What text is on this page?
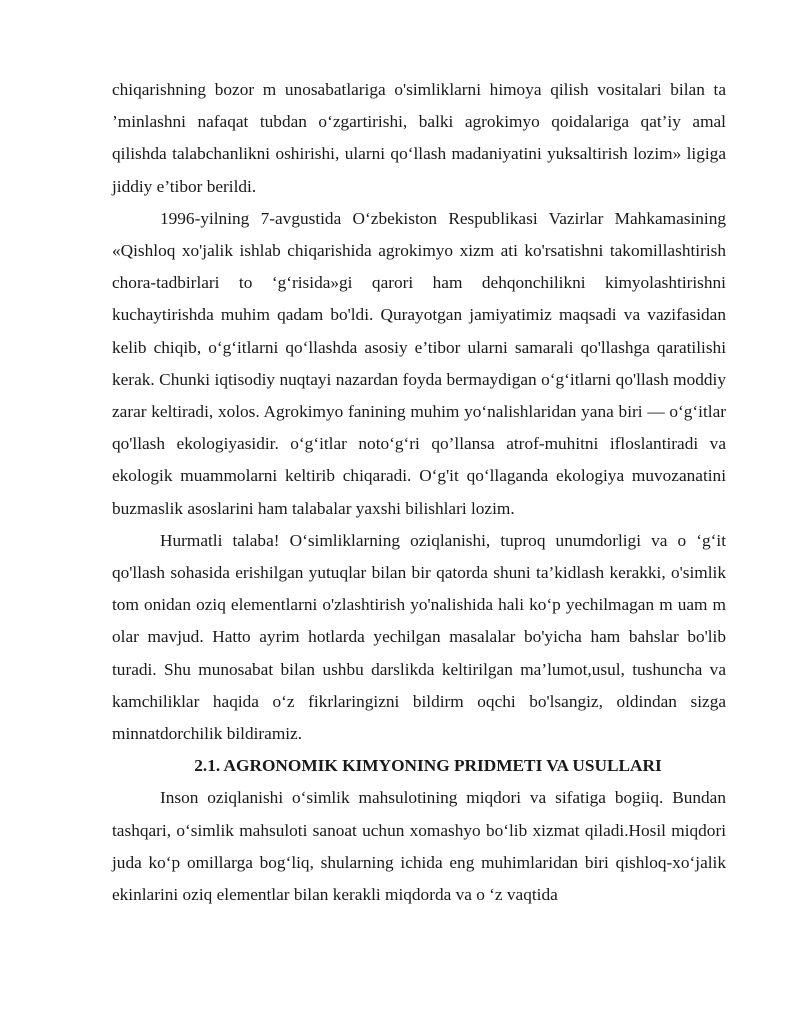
chiqarishning bozor m unosabatlariga o'simliklarni himoya qilish vositalari bilan ta ’minlashni nafaqat tubdan o‘zgartirishi, balki agrokimyo qoidalariga qat’iy amal qilishda talabchanlikni oshirishi, ularni qo‘llash madaniyatini yuksaltirish lozim» ligiga jiddiy e’tibor berildi.

1996-yilning 7-avgustida O‘zbekiston Respublikasi Vazirlar Mahkamasining «Qishloq xo'jalik ishlab chiqarishida agrokimyo xizm ati ko'rsatishni takomillashtirish chora-tadbirlari to ‘g‘risida»gi qarori ham dehqonchilikni kimyolashtirishni kuchaytirishda muhim qadam bo'ldi. Qurayotgan jamiyatimiz maqsadi va vazifasidan kelib chiqib, o‘g‘itlarni qo‘llashda asosiy e’tibor ularni samarali qo'llashga qaratilishi kerak. Chunki iqtisodiy nuqtayi nazardan foyda bermaydigan o‘g‘itlarni qo'llash moddiy zarar keltiradi, xolos. Agrokimyo fanining muhim yo‘nalishlaridan yana biri — o‘g‘itlar qo'llash ekologiyasidir. o‘g‘itlar noto‘g‘ri qo’llansa atrof-muhitni ifloslantiradi va ekologik muammolarni keltirib chiqaradi. O‘g'it qo‘llaganda ekologiya muvozanatini buzmaslik asoslarini ham talabalar yaxshi bilishlari lozim.

Hurmatli talaba! O‘simliklarning oziqlanishi, tuproq unumdorligi va o ‘g‘it qo'llash sohasida erishilgan yutuqlar bilan bir qatorda shuni ta’kidlash kerakki, o'simlik tom onidan oziq elementlarni o'zlashtirish yo'nalishida hali ko‘p yechilmagan m uam m olar mavjud. Hatto ayrim hotlarda yechilgan masalalar bo'yicha ham bahslar bo'lib turadi. Shu munosabat bilan ushbu darslikda keltirilgan ma’lumot,usul, tushuncha va kamchiliklar haqida o‘z fikrlaringizni bildirm oqchi bo'lsangiz, oldindan sizga minnatdorchilik bildiramiz.

2.1. AGRONOMIK KIMYONING PRIDMETI VA USULLARI

Inson oziqlanishi o‘simlik mahsulotining miqdori va sifatiga bogiiq. Bundan tashqari, o‘simlik mahsuloti sanoat uchun xomashyo bo‘lib xizmat qiladi.Hosil miqdori juda ko‘p omillarga bog‘liq, shularning ichida eng muhimlaridan biri qishloq-xo‘jalik ekinlarini oziq elementlar bilan kerakli miqdorda va o ‘z vaqtida
